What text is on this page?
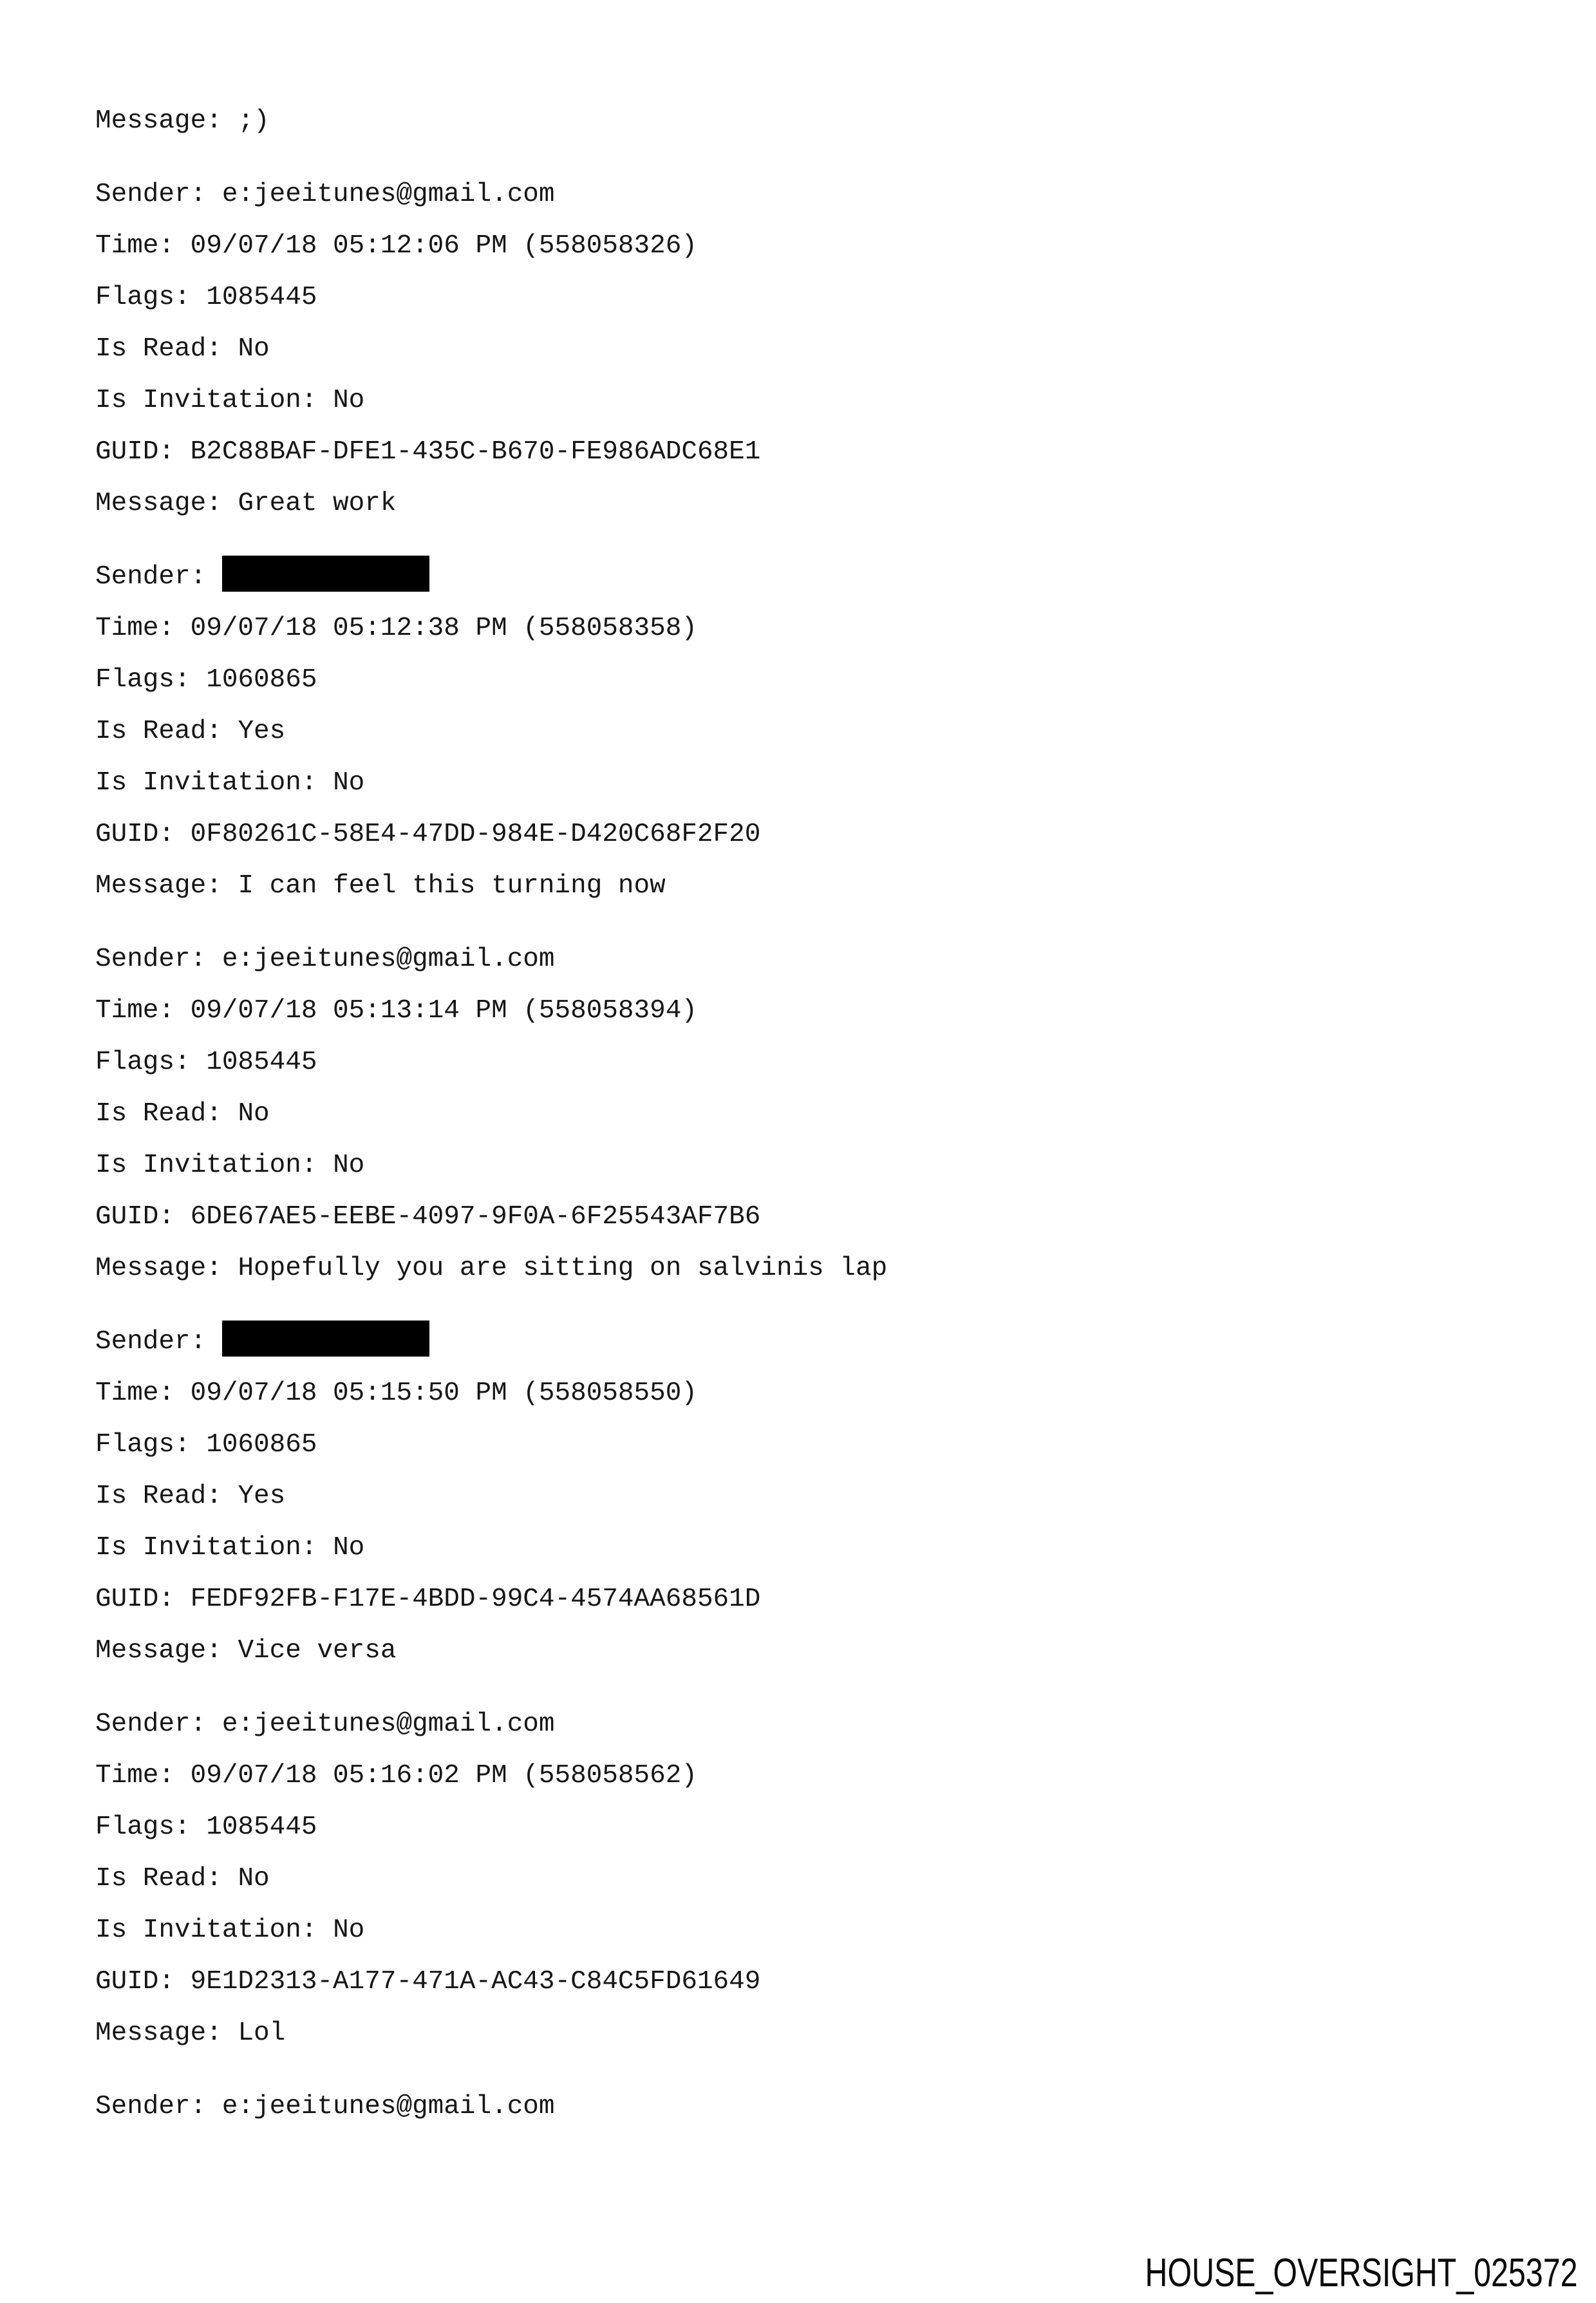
Message: ;)
Sender: e:jeeitunes@gmail.com
Time: 09/07/18 05:12:06 PM (558058326)
Flags: 1085445
Is Read: No
Is Invitation: No
GUID: B2C88BAF-DFE1-435C-B670-FE986ADC68E1
Message: Great work
Sender:
Time: 09/07/18 05:12:38 PM (558058358)
Flags: 1060865
Is Read: Yes
Is Invitation: No
GUID: 0F80261C-58E4-47DD-984E-D420C68F2F20
Message: I can feel this turning now
Sender: e:jeeitunes@gmail.com
Time: 09/07/18 05:13:14 PM (558058394)
Flags: 1085445
Is Read: No
Is Invitation: No
GUID: 6DE67AE5-EEBE-4097-9F0A-6F25543AF7B6
Message: Hopefully you are sitting on salvinis lap
Sender:
Time: 09/07/18 05:15:50 PM (558058550)
Flags: 1060865
Is Read: Yes
Is Invitation: No
GUID: FEDF92FB-F17E-4BDD-99C4-4574AA68561D
Message: Vice versa
Sender: e:jeeitunes@gmail.com
Time: 09/07/18 05:16:02 PM (558058562)
Flags: 1085445
Is Read: No
Is Invitation: No
GUID: 9E1D2313-A177-471A-AC43-C84C5FD61649
Message: Lol
Sender: e:jeeitunes@gmail.com
HOUSE_OVERSIGHT_025372
